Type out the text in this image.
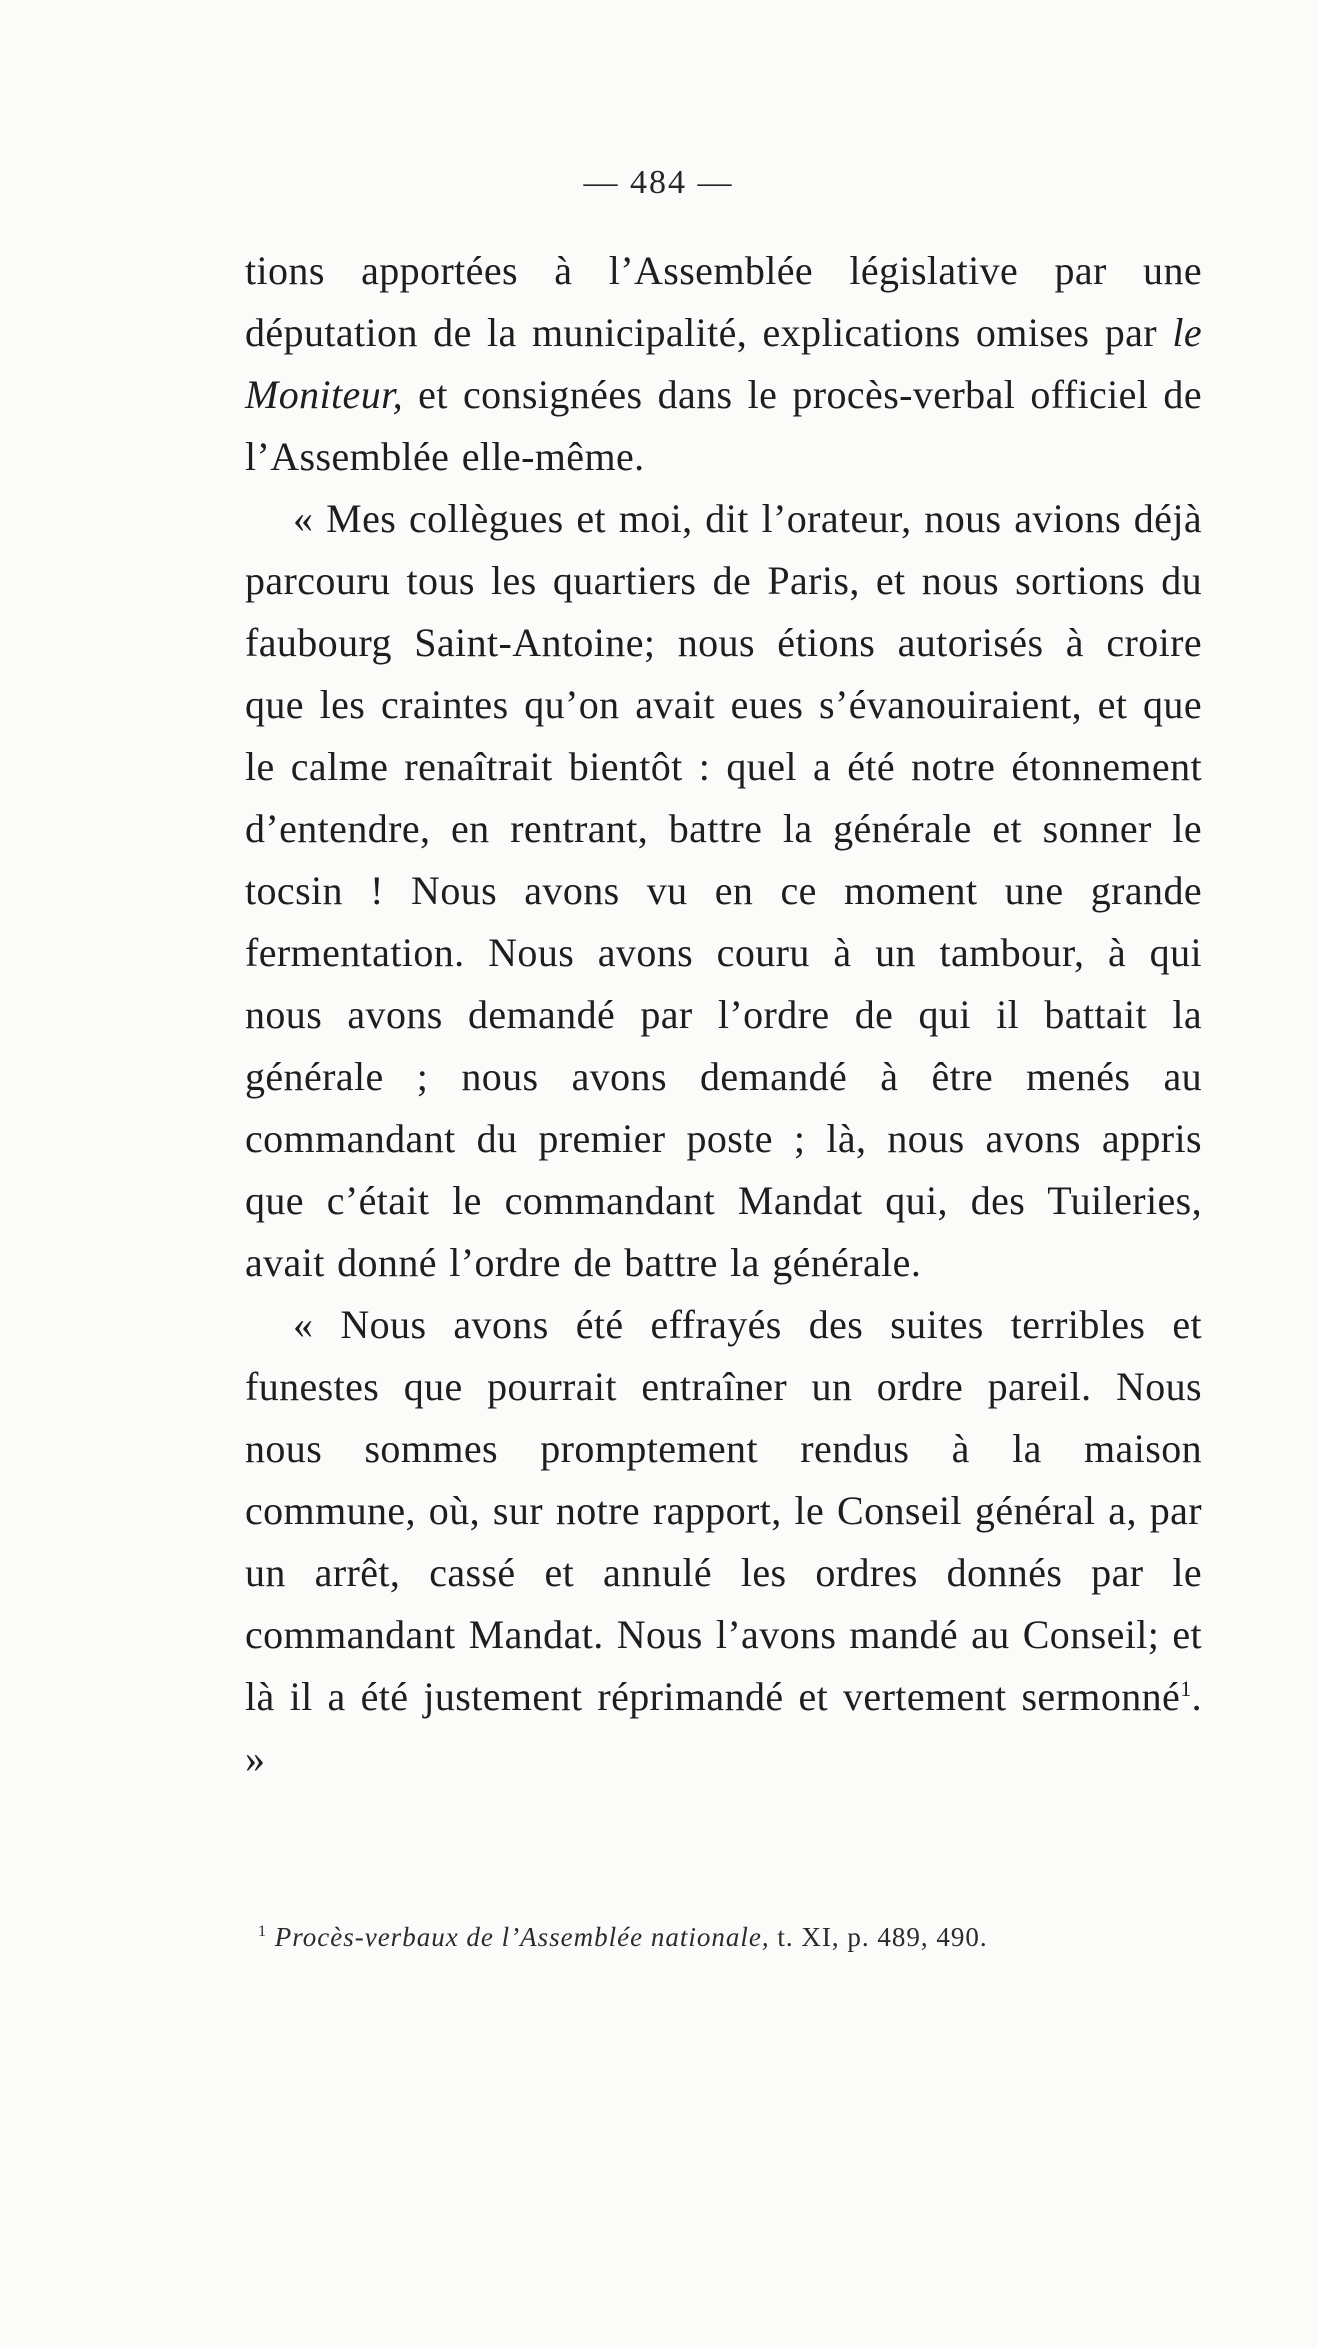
— 484 —

tions apportées à l’Assemblée législative par une députation de la municipalité, explications omises par le Moniteur, et consignées dans le procès-verbal officiel de l’Assemblée elle-même.

« Mes collègues et moi, dit l’orateur, nous avions déjà parcouru tous les quartiers de Paris, et nous sortions du faubourg Saint-Antoine; nous étions autorisés à croire que les craintes qu’on avait eues s’évanouiraient, et que le calme renaîtrait bientôt : quel a été notre étonnement d’entendre, en rentrant, battre la générale et sonner le tocsin ! Nous avons vu en ce moment une grande fermentation. Nous avons couru à un tambour, à qui nous avons demandé par l’ordre de qui il battait la générale ; nous avons demandé à être menés au commandant du premier poste ; là, nous avons appris que c’était le commandant Mandat qui, des Tuileries, avait donné l’ordre de battre la générale.

« Nous avons été effrayés des suites terribles et funestes que pourrait entraîner un ordre pareil. Nous nous sommes promptement rendus à la maison commune, où, sur notre rapport, le Conseil général a, par un arrêt, cassé et annulé les ordres donnés par le commandant Mandat. Nous l’avons mandé au Conseil; et là il a été justement réprimandé et vertement sermonné$^1$. »

$^1$ Procès-verbaux de l’Assemblée nationale, t. XI, p. 489, 490.
